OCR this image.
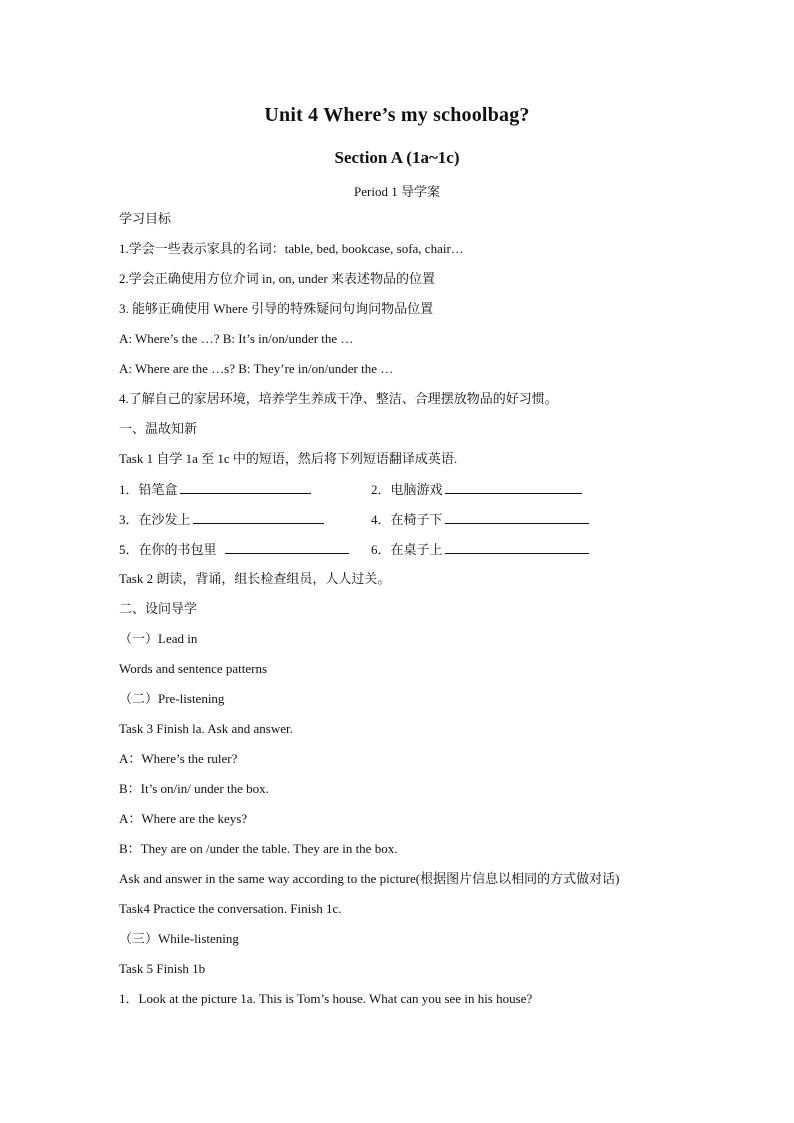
Unit 4 Where’s my schoolbag?
Section A (1a~1c)
Period 1 导学案
学习目标
1.学会一些表示家具的名词：table, bed, bookcase, sofa, chair…
2.学会正确使用方位介词 in, on, under 来表述物品的位置
3. 能够正确使用 Where 引导的特殊疑问句询问物品位置
A: Where’s the …? B: It’s in/on/under the …
A: Where are the …s? B: They’re in/on/under the …
4.了解自己的家居环境，培养学生养成干净、整洁、合理摆放物品的好习惯。
一、温故知新
Task 1 自学 1a 至 1c 中的短语，然后将下列短语翻译成英语.
1．铅笔盒	2．电脑游戏
3．在沙发上	4．在椅子下
5．在你的书包里	6．在桌子上
Task 2 朗读，背诵，组长检查组员，人人过关。
二、设问导学
（一）Lead in
Words and sentence patterns
（二）Pre-listening
Task 3 Finish la. Ask and answer.
A：Where’s the ruler?
B：It’s on/in/ under the box.
A：Where are the keys?
B：They are on /under the table. They are in the box.
Ask and answer in the same way according to the picture(根据图片信息以相同的方式做对话)
Task4 Practice the conversation. Finish 1c.
（三）While-listening
Task 5 Finish 1b
1．Look at the picture 1a. This is Tom’s house. What can you see in his house?
